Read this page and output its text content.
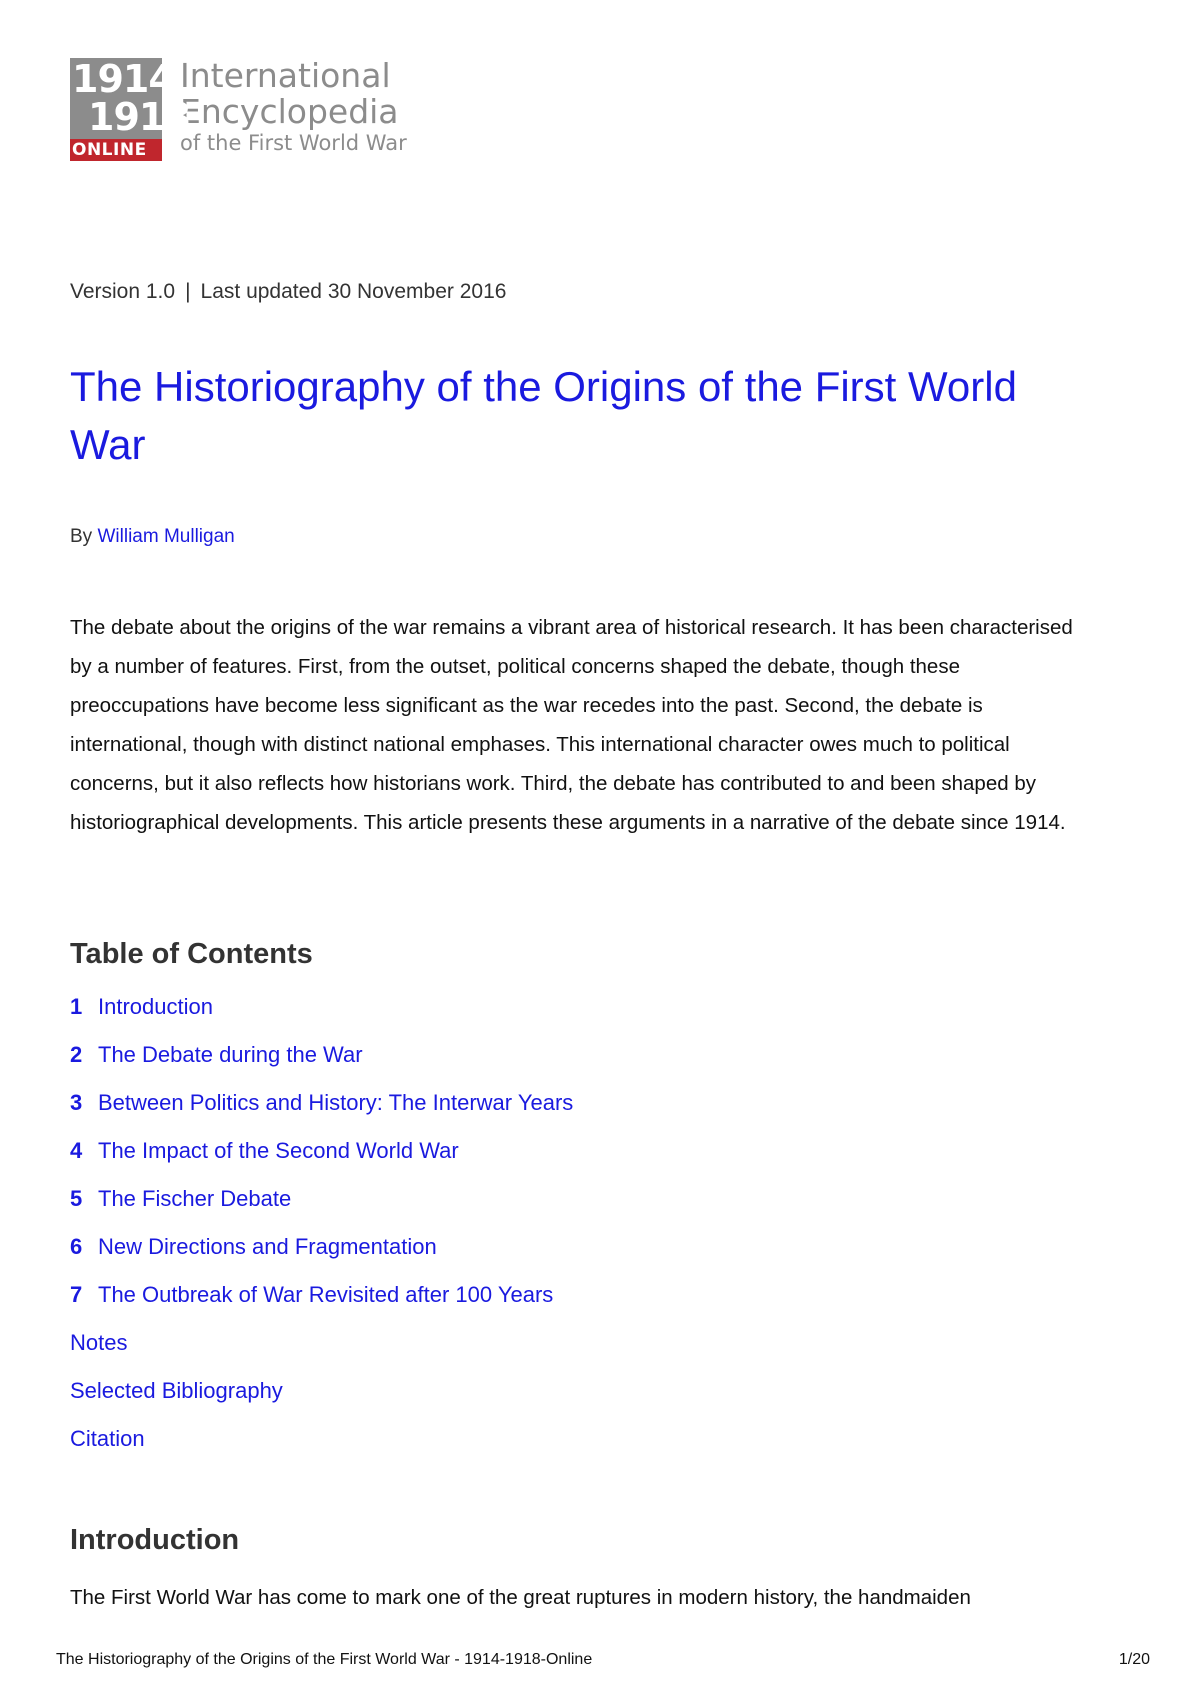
1914
1918
ONLINE
International
Encyclopedia
of the First World War
Version 1.0 | Last updated 30 November 2016
The Historiography of the Origins of the First World War
By William Mulligan

The debate about the origins of the war remains a vibrant area of historical research. It has been characterised by a number of features. First, from the outset, political concerns shaped the debate, though these preoccupations have become less significant as the war recedes into the past. Second, the debate is international, though with distinct national emphases. This international character owes much to political concerns, but it also reflects how historians work. Third, the debate has contributed to and been shaped by historiographical developments. This article presents these arguments in a narrative of the debate since 1914.

Table of Contents
1 Introduction
2 The Debate during the War
3 Between Politics and History: The Interwar Years
4 The Impact of the Second World War
5 The Fischer Debate
6 New Directions and Fragmentation
7 The Outbreak of War Revisited after 100 Years
Notes
Selected Bibliography
Citation
Introduction

The First World War has come to mark one of the great ruptures in modern history, the handmaiden

The Historiography of the Origins of the First World War - 1914-1918-Online	1/20
